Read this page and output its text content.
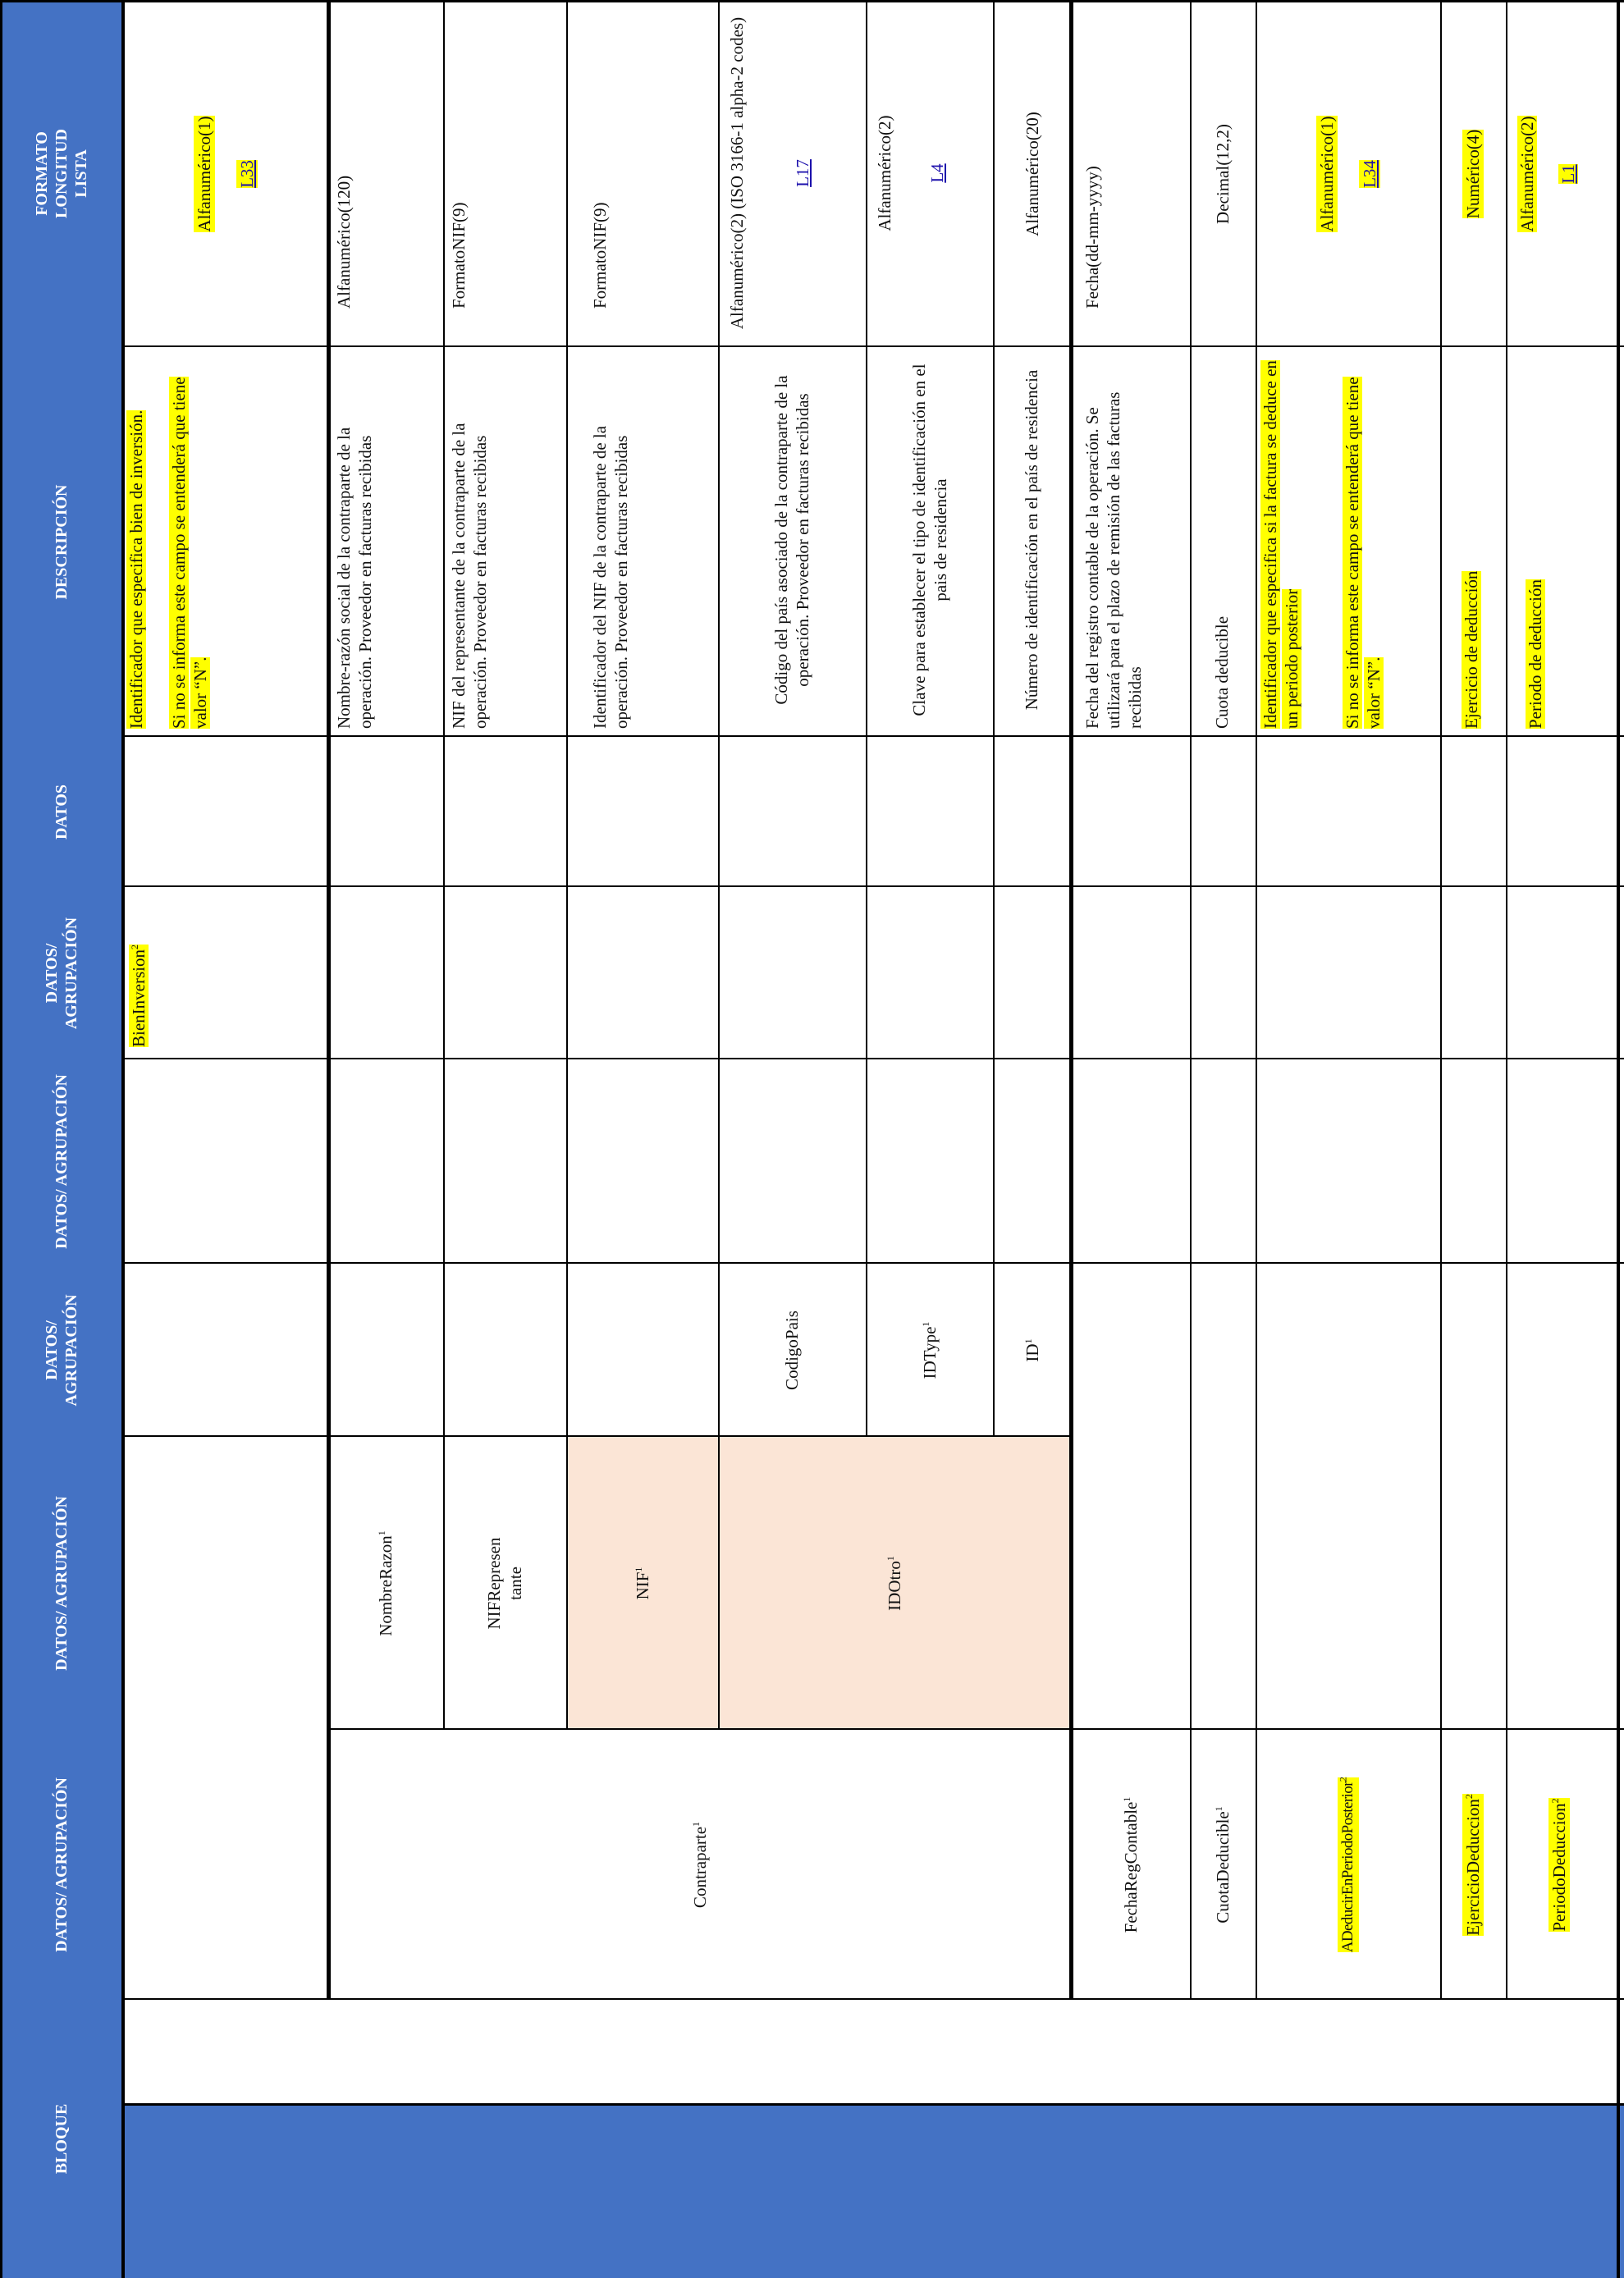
BLOQUE
DATOS/ AGRUPACIÓN
DATOS/ AGRUPACIÓN
DATOS/ AGRUPACIÓN
DATOS/ AGRUPACIÓN
DATOS/ AGRUPACIÓN
DATOS
DESCRIPCIÓN
FORMATO LONGITUD LISTA
BienInversion$^2$

Identificador que especifica bien de inversión. Si no se informa este campo se entenderá que tiene valor “N”.

Alfanumérico(1) L33
Contraparte$^1$
NombreRazon$^1$
Nombre-razón social de la contraparte de la operación. Proveedor en facturas recibidas
Alfanumérico(120)
NIFRepresentante
NIF del representante de la contraparte de la operación. Proveedor en facturas recibidas
FormatoNIF(9)
NIF$^1$
Identificador del NIF de la contraparte de la operación. Proveedor en facturas recibidas
FormatoNIF(9)
IDOtro$^1$
CodigoPais
Código del país asociado de la contraparte de la operación. Proveedor en facturas recibidas

Alfanumérico(2) (ISO 3166-1 alpha-2 codes)	L17

IDType$^1$
Clave para establecer el tipo de identificación en el pais de residencia

Alfanumérico(2) L4

$ID^1$
Número de identificación en el país de residencia
Alfanumérico(20)
FechaRegContable$^1$
Fecha del registro contable de la operación. Se utilizará para el plazo de remisión de las facturas recibidas
Fecha(dd-mm-yyyy)
CuotaDeducible$^1$
Cuota deducible
Decimal(12,2)
ADeducirEnPeriodoPosterior$^2$

Identificador que especifica si la factura se deduce en un periodo posterior Si no se informa este campo se entenderá que tiene valor “N”.

Alfanumérico(1) L34
EjercicioDeduccion$^2$
Ejercicio de deducción
Numérico(4)
PeriodoDeduccion$^2$
Periodo de deducción

Alfanumérico(2) L1
